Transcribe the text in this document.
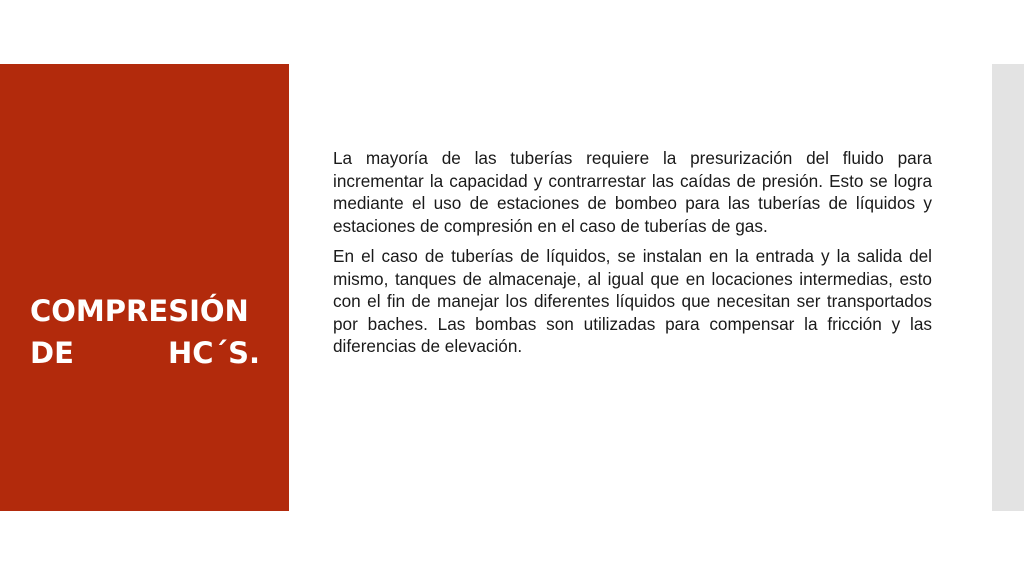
COMPRESIÓN DE HC´S.

La mayoría de las tuberías requiere la presurización del fluido para incrementar la capacidad y contrarrestar las caídas de presión. Esto se logra mediante el uso de estaciones de bombeo para las tuberías de líquidos y estaciones de compresión en el caso de tuberías de gas.

En el caso de tuberías de líquidos, se instalan en la entrada y la salida del mismo, tanques de almacenaje, al igual que en locaciones intermedias, esto con el fin de manejar los diferentes líquidos que necesitan ser transportados por baches. Las bombas son utilizadas para compensar la fricción y las diferencias de elevación.
